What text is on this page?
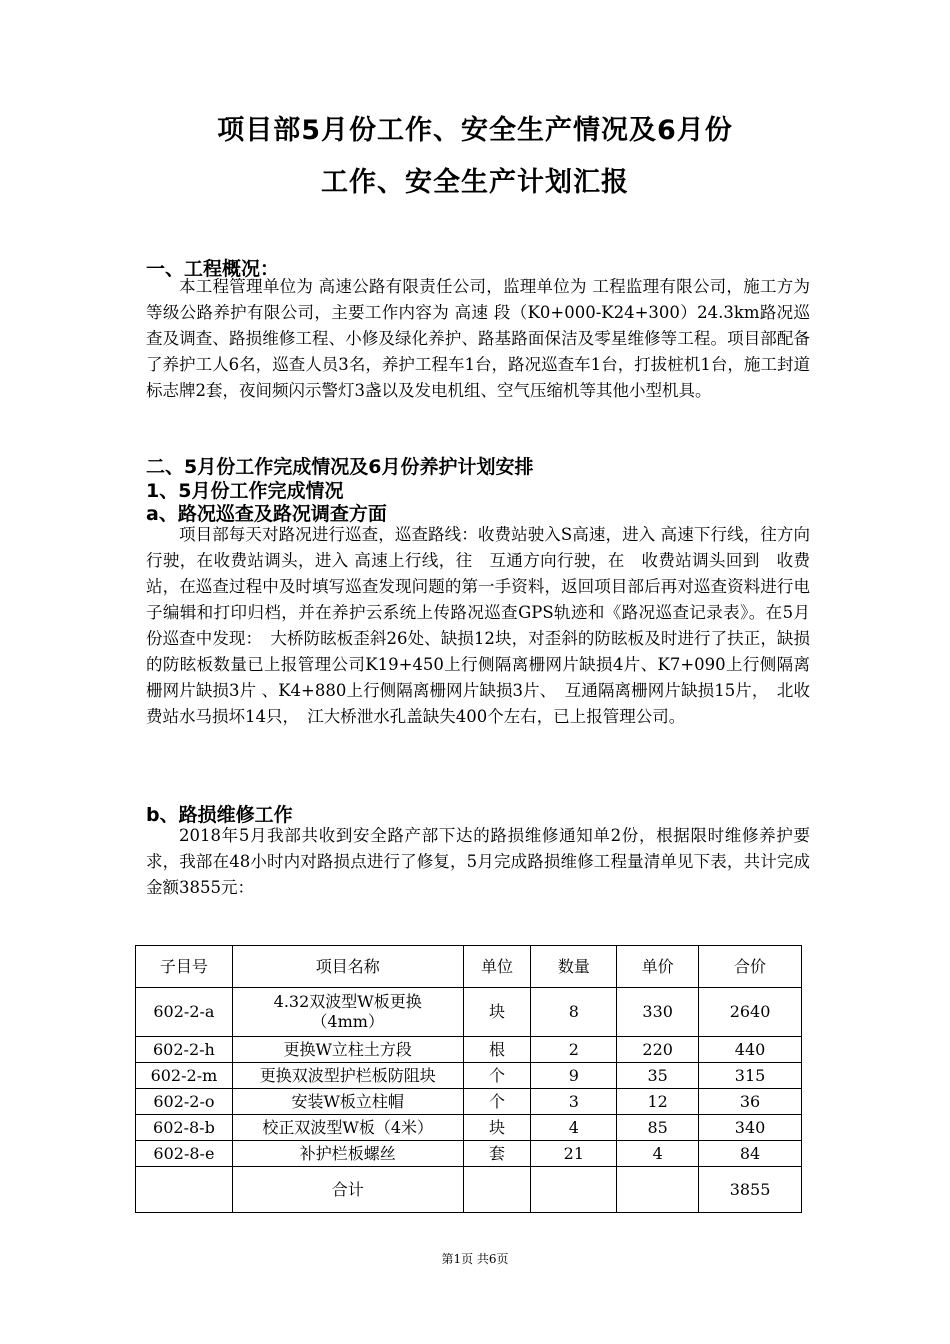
项目部5月份工作、安全生产情况及6月份
工作、安全生产计划汇报
一、工程概况：
本工程管理单位为 高速公路有限责任公司，监理单位为 工程监理有限公司，施工方为 等级公路养护有限公司，主要工作内容为 高速 段（K0+000-K24+300）24.3km路况巡查及调查、路损维修工程、小修及绿化养护、路基路面保洁及零星维修等工程。项目部配备了养护工人6名，巡查人员3名，养护工程车1台，路况巡查车1台，打拔桩机1台，施工封道标志牌2套，夜间频闪示警灯3盏以及发电机组、空气压缩机等其他小型机具。
二、5月份工作完成情况及6月份养护计划安排
1、5月份工作完成情况
a、路况巡查及路况调查方面
项目部每天对路况进行巡查，巡查路线：收费站驶入S高速，进入 高速下行线，往方向行驶，在收费站调头，进入 高速上行线，往　互通方向行驶，在　收费站调头回到　收费站，在巡查过程中及时填写巡查发现问题的第一手资料，返回项目部后再对巡查资料进行电子编辑和打印归档，并在养护云系统上传路况巡查GPS轨迹和《路况巡查记录表》。在5月份巡查中发现：　大桥防眩板歪斜26处、缺损12块，对歪斜的防眩板及时进行了扶正，缺损的防眩板数量已上报管理公司K19+450上行侧隔离栅网片缺损4片、K7+090上行侧隔离栅网片缺损3片 、K4+880上行侧隔离栅网片缺损3片、　互通隔离栅网片缺损15片，　北收费站水马损坏14只，　江大桥泄水孔盖缺失400个左右，已上报管理公司。
b、路损维修工作
2018年5月我部共收到安全路产部下达的路损维修通知单2份，根据限时维修养护要求，我部在48小时内对路损点进行了修复，5月完成路损维修工程量清单见下表，共计完成金额3855元：
子目号	项目名称	单位	数量	单价	合价
602-2-a	4.32双波型W板更换（4mm）	块	8	330	2640
602-2-h	更换W立柱土方段	根	2	220	440
602-2-m	更换双波型护栏板防阻块	个	9	35	315
602-2-o	安装W板立柱帽	个	3	12	36
602-8-b	校正双波型W板（4米）	块	4	85	340
602-8-e	补护栏板螺丝	套	21	4	84
	合计				3855
第1页 共6页
